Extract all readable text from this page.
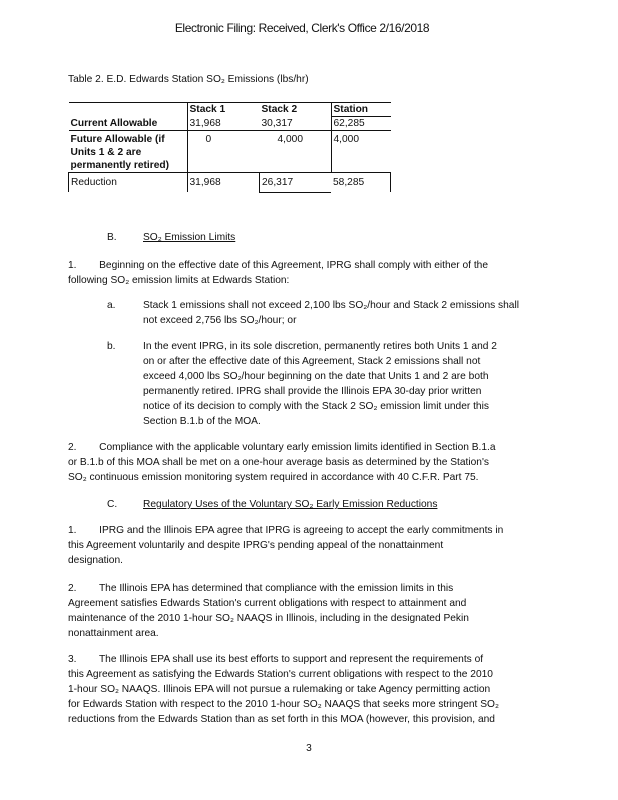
Electronic Filing: Received, Clerk's Office 2/16/2018
Table 2. E.D. Edwards Station SO₂ Emissions (lbs/hr)
	Stack 1	Stack 2	Station
Current Allowable	31,968	30,317	62,285
Future Allowable (if Units 1 & 2 are permanently retired)	0	4,000	4,000
Reduction	31,968	26,317	58,285
B.	SO₂ Emission Limits
1.        Beginning on the effective date of this Agreement, IPRG shall comply with either of the
following SO₂ emission limits at Edwards Station:
a.	Stack 1 emissions shall not exceed 2,100 lbs SO₂/hour and Stack 2 emissions shall
not exceed 2,756 lbs SO₂/hour; or
b.	In the event IPRG, in its sole discretion, permanently retires both Units 1 and 2
on or after the effective date of this Agreement, Stack 2 emissions shall not
exceed 4,000 lbs SO₂/hour beginning on the date that Units 1 and 2 are both
permanently retired. IPRG shall provide the Illinois EPA 30-day prior written
notice of its decision to comply with the Stack 2 SO₂ emission limit under this
Section B.1.b of the MOA.
2.        Compliance with the applicable voluntary early emission limits identified in Section B.1.a
or B.1.b of this MOA shall be met on a one-hour average basis as determined by the Station's
SO₂ continuous emission monitoring system required in accordance with 40 C.F.R. Part 75.
C.	Regulatory Uses of the Voluntary SO₂ Early Emission Reductions
1.        IPRG and the Illinois EPA agree that IPRG is agreeing to accept the early commitments in
this Agreement voluntarily and despite IPRG's pending appeal of the nonattainment
designation.
2.        The Illinois EPA has determined that compliance with the emission limits in this
Agreement satisfies Edwards Station's current obligations with respect to attainment and
maintenance of the 2010 1-hour SO₂ NAAQS in Illinois, including in the designated Pekin
nonattainment area.
3.        The Illinois EPA shall use its best efforts to support and represent the requirements of
this Agreement as satisfying the Edwards Station's current obligations with respect to the 2010
1-hour SO₂ NAAQS. Illinois EPA will not pursue a rulemaking or take Agency permitting action
for Edwards Station with respect to the 2010 1-hour SO₂ NAAQS that seeks more stringent SO₂
reductions from the Edwards Station than as set forth in this MOA (however, this provision, and
3
